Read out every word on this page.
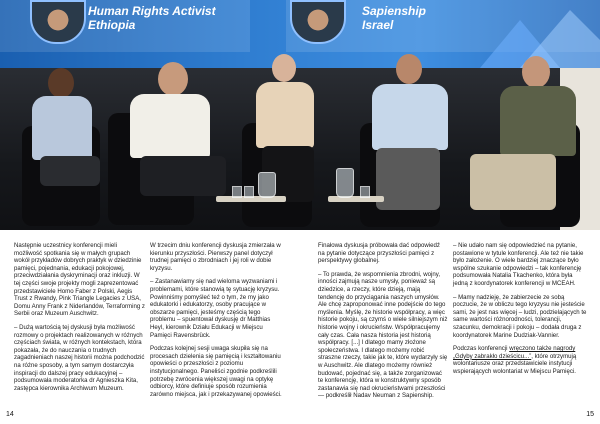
Human Rights Activist
Ethiopia
Sapienship
Israel

Następnie uczestnicy konferencji mieli możliwość spotkania się w małych grupach wokół przykładów dobrych praktyk w dziedzinie pamięci, pojednania, edukacji pokojowej, przeciwdziałania dyskryminacji oraz inkluzji. W tej części swoje projekty mogli zaprezentować przedstawiciele Homo Faber z Polski, Aegis Trust z Rwandy, Pink Triangle Legacies z USA, Domu Anny Frank z Niderlandów, Terraforming z Serbii oraz Muzeum Auschwitz.

– Dużą wartością tej dyskusji była możliwość rozmowy o projektach realizowanych w różnych częściach świata, w różnych kontekstach, która pokazała, że do nauczania o trudnych zagadnieniach naszej historii można podchodzić na różne sposoby, a tym samym dostarczyła inspiracji do dalszej pracy edukacyjnej – podsumowała moderatorka dr Agnieszka Kita, zastępca kierownika Archiwum Muzeum.

W trzecim dniu konferencji dyskusja zmierzała w kierunku przyszłości. Pierwszy panel dotyczył trudnej pamięci o zbrodniach i jej roli w dobie kryzysu.

– Zastanawiamy się nad wieloma wyzwaniami i problemami, które stanowią tę sytuację kryzysu. Powinniśmy pomyśleć też o tym, że my jako edukatorki i edukatorzy, osoby pracujące w obszarze pamięci, jesteśmy częścią tego problemu – spuentował dyskusję dr Matthias Heyl, kierownik Działu Edukacji w Miejscu Pamięci Ravensbrück.

Podczas kolejnej sesji uwaga skupiła się na procesach dzielenia się pamięcią i kształtowaniu opowieści o przeszłości z poziomu instytucjonalnego. Paneliści zgodnie podkreślili potrzebę zwrócenia większej uwagi na optykę odbiorcy, które definiuje sposób rozumienia zarówno miejsca, jak i przekazywanej opowieści.

Finałowa dyskusja próbowała dać odpowiedź na pytanie dotyczące przyszłości pamięci z perspektywy globalnej.

– To prawda, że wspomnienia zbrodni, wojny, inności zajmują nasze umysły, ponieważ są dziedzice, a rzeczy, które dzieją, mają tendencję do przyciągania naszych umysłów. Ale chcę zaproponować inne podejście do tego myślenia. Myślę, że historie współpracy, a więc historie pokoju, są czymś o wiele silniejszym niż historie wojny i okrucieństw. Współpracujemy cały czas. Cała nasza historia jest historią współpracy. [...] I dlatego mamy złożone społeczeństwa. I dlatego możemy robić straszne rzeczy, takie jak te, które wydarzyły się w Auschwitz. Ale dlatego możemy również budować, pojednać się, a także zorganizować te konferencję, która w konstruktywny sposób zastanawia się nad okrucieństwami przeszłości — podkreślił Nadav Neuman z Sapienship.

– Nie udało nam się odpowiedzieć na pytanie, postawione w tytule konferencji. Ale też nie takie było założenie. O wiele bardziej znaczące było wspólne szukanie odpowiedzi – tak konferencję podsumowała Natalia Tkachenko, która była jedną z koordynatorek konferencji w MCEAH.

– Mamy nadzieję, że zabierzecie ze sobą poczucie, że w obliczu tego kryzysu nie jesteście sami, że jest nas więcej – ludzi, podzielających te same wartości różnorodności, tolerancji, szacunku, demokracji i pokoju – dodała druga z koordynatorek Marine Dudziak-Vannier.

Podczas konferencji wręczono także nagrody „Gdyby zabrakło dzieścicu...”, które otrzymują wolontariusze oraz przedstawiciele instytucji wspierających wolontariat w Miejscu Pamięci.

14	15
